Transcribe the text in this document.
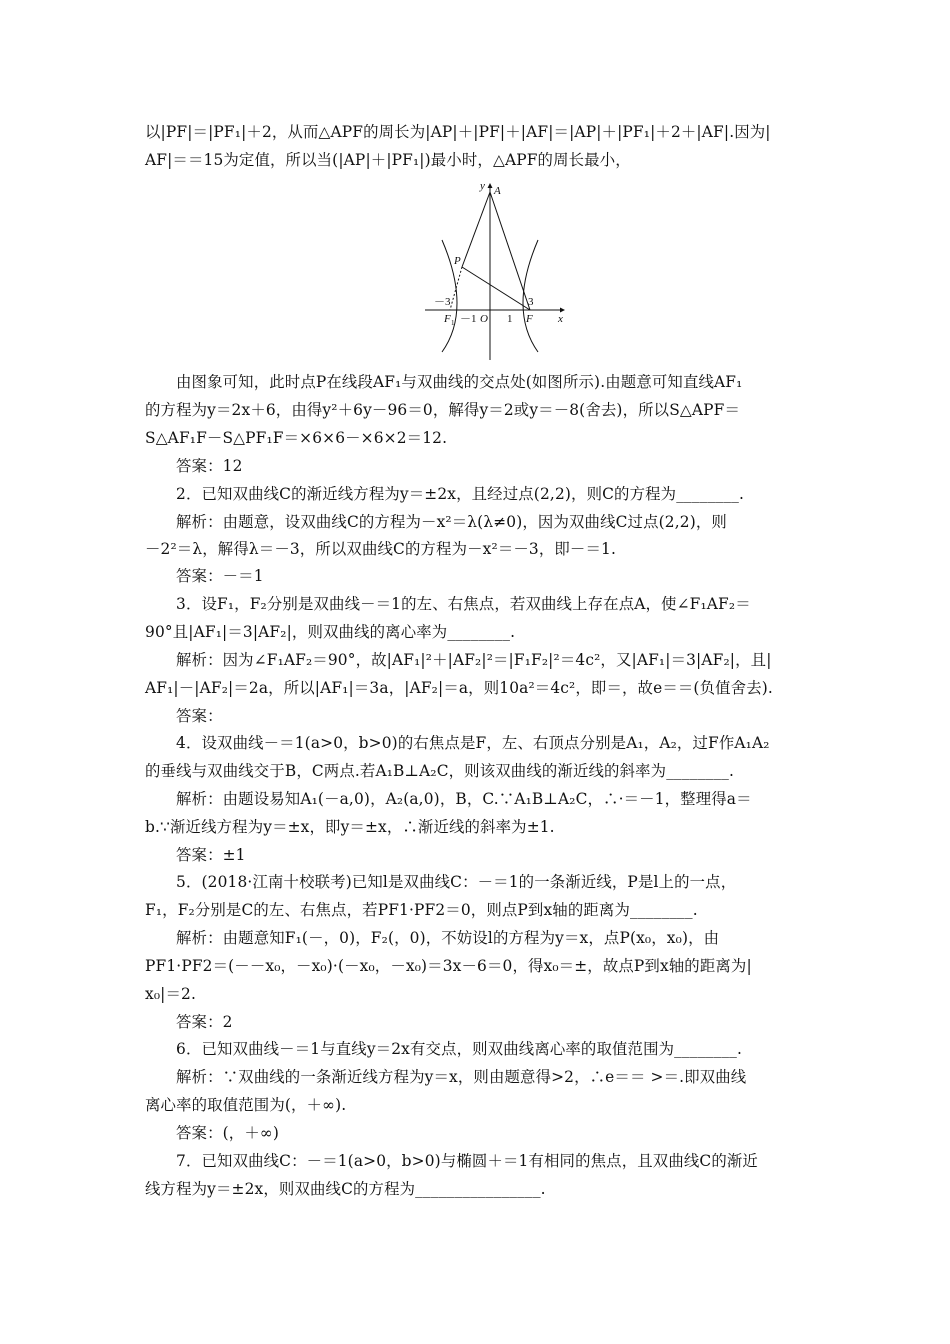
以|PF|＝|PF₁|＋2，从而△APF的周长为|AP|＋|PF|＋|AF|＝|AP|＋|PF₁|＋2＋|AF|.因为|
AF|＝＝15为定值，所以当(|AP|＋|PF₁|)最小时，△APF的周长最小，
y A
P
－3	3
F 1 －1 O 1 F x
由图象可知，此时点P在线段AF₁与双曲线的交点处(如图所示).由题意可知直线AF₁
的方程为y＝2x＋6，由得y²＋6y－96＝0，解得y＝2或y＝－8(舍去)，所以S△APF＝
S△AF₁F－S△PF₁F＝×6×6－×6×2＝12.
答案：12
2．已知双曲线C的渐近线方程为y＝±2x，且经过点(2,2)，则C的方程为________.
解析：由题意，设双曲线C的方程为－x²＝λ(λ≠0)，因为双曲线C过点(2,2)，则
－2²＝λ，解得λ＝－3，所以双曲线C的方程为－x²＝－3，即－＝1.
答案：－＝1
3．设F₁，F₂分别是双曲线－＝1的左、右焦点，若双曲线上存在点A，使∠F₁AF₂＝
90°且|AF₁|＝3|AF₂|，则双曲线的离心率为________.
解析：因为∠F₁AF₂＝90°，故|AF₁|²＋|AF₂|²＝|F₁F₂|²＝4c²，又|AF₁|＝3|AF₂|，且|
AF₁|－|AF₂|＝2a，所以|AF₁|＝3a，|AF₂|＝a，则10a²＝4c²，即＝，故e＝＝(负值舍去).
答案：
4．设双曲线－＝1(a>0，b>0)的右焦点是F，左、右顶点分别是A₁，A₂，过F作A₁A₂
的垂线与双曲线交于B，C两点.若A₁B⊥A₂C，则该双曲线的渐近线的斜率为________.
解析：由题设易知A₁(－a,0)，A₂(a,0)，B，C.∵A₁B⊥A₂C，∴·＝－1，整理得a＝
b.∵渐近线方程为y＝±x，即y＝±x，∴渐近线的斜率为±1.
答案：±1
5．(2018·江南十校联考)已知l是双曲线C：－＝1的一条渐近线，P是l上的一点，
F₁，F₂分别是C的左、右焦点，若PF1·PF2＝0，则点P到x轴的距离为________.
解析：由题意知F₁(－，0)，F₂(，0)，不妨设l的方程为y＝x，点P(x₀，x₀)，由
PF1·PF2＝(－－x₀，－x₀)·(－x₀，－x₀)＝3x－6＝0，得x₀＝±，故点P到x轴的距离为|
x₀|＝2.
答案：2
6．已知双曲线－＝1与直线y＝2x有交点，则双曲线离心率的取值范围为________.
解析：∵双曲线的一条渐近线方程为y＝x，则由题意得>2，∴e＝＝ >＝.即双曲线
离心率的取值范围为(，＋∞).
答案：(，＋∞)
7．已知双曲线C：－＝1(a>0，b>0)与椭圆＋＝1有相同的焦点，且双曲线C的渐近
线方程为y＝±2x，则双曲线C的方程为________________.
